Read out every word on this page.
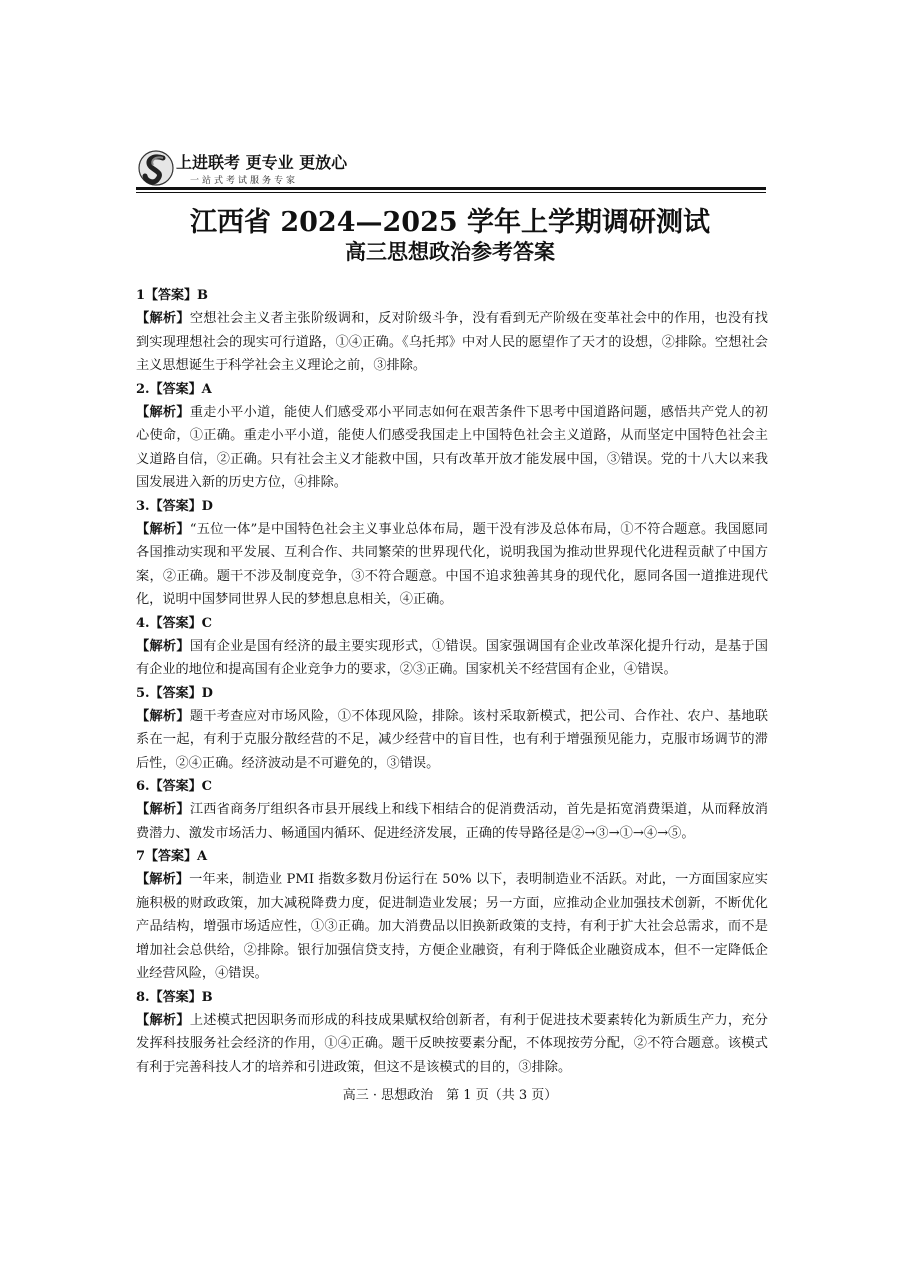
上进联考 更专业 更放心
一站式考试服务专家
江西省 2024—2025 学年上学期调研测试
高三思想政治参考答案
1【答案】B

【解析】空想社会主义者主张阶级调和，反对阶级斗争，没有看到无产阶级在变革社会中的作用，也没有找到实现理想社会的现实可行道路，①④正确。《乌托邦》中对人民的愿望作了天才的设想，②排除。空想社会主义思想诞生于科学社会主义理论之前，③排除。

2.【答案】A

【解析】重走小平小道，能使人们感受邓小平同志如何在艰苦条件下思考中国道路问题，感悟共产党人的初心使命，①正确。重走小平小道，能使人们感受我国走上中国特色社会主义道路，从而坚定中国特色社会主义道路自信，②正确。只有社会主义才能救中国，只有改革开放才能发展中国，③错误。党的十八大以来我国发展进入新的历史方位，④排除。

3.【答案】D

【解析】“五位一体”是中国特色社会主义事业总体布局，题干没有涉及总体布局，①不符合题意。我国愿同各国推动实现和平发展、互利合作、共同繁荣的世界现代化，说明我国为推动世界现代化进程贡献了中国方案，②正确。题干不涉及制度竞争，③不符合题意。中国不追求独善其身的现代化，愿同各国一道推进现代化，说明中国梦同世界人民的梦想息息相关，④正确。

4.【答案】C

【解析】国有企业是国有经济的最主要实现形式，①错误。国家强调国有企业改革深化提升行动，是基于国有企业的地位和提高国有企业竞争力的要求，②③正确。国家机关不经营国有企业，④错误。

5.【答案】D

【解析】题干考查应对市场风险，①不体现风险，排除。该村采取新模式，把公司、合作社、农户、基地联系在一起，有利于克服分散经营的不足，减少经营中的盲目性，也有利于增强预见能力，克服市场调节的滞后性，②④正确。经济波动是不可避免的，③错误。

6.【答案】C

【解析】江西省商务厅组织各市县开展线上和线下相结合的促消费活动，首先是拓宽消费渠道，从而释放消费潜力、激发市场活力、畅通国内循环、促进经济发展，正确的传导路径是②→③→①→④→⑤。

7【答案】A

【解析】一年来，制造业 PMI 指数多数月份运行在 50% 以下，表明制造业不活跃。对此，一方面国家应实施积极的财政政策，加大减税降费力度，促进制造业发展；另一方面，应推动企业加强技术创新，不断优化产品结构，增强市场适应性，①③正确。加大消费品以旧换新政策的支持，有利于扩大社会总需求，而不是增加社会总供给，②排除。银行加强信贷支持，方便企业融资，有利于降低企业融资成本，但不一定降低企业经营风险，④错误。

8.【答案】B

【解析】上述模式把因职务而形成的科技成果赋权给创新者，有利于促进技术要素转化为新质生产力，充分发挥科技服务社会经济的作用，①④正确。题干反映按要素分配，不体现按劳分配，②不符合题意。该模式有利于完善科技人才的培养和引进政策，但这不是该模式的目的，③排除。

高三 · 思想政治　第 1 页（共 3 页）
